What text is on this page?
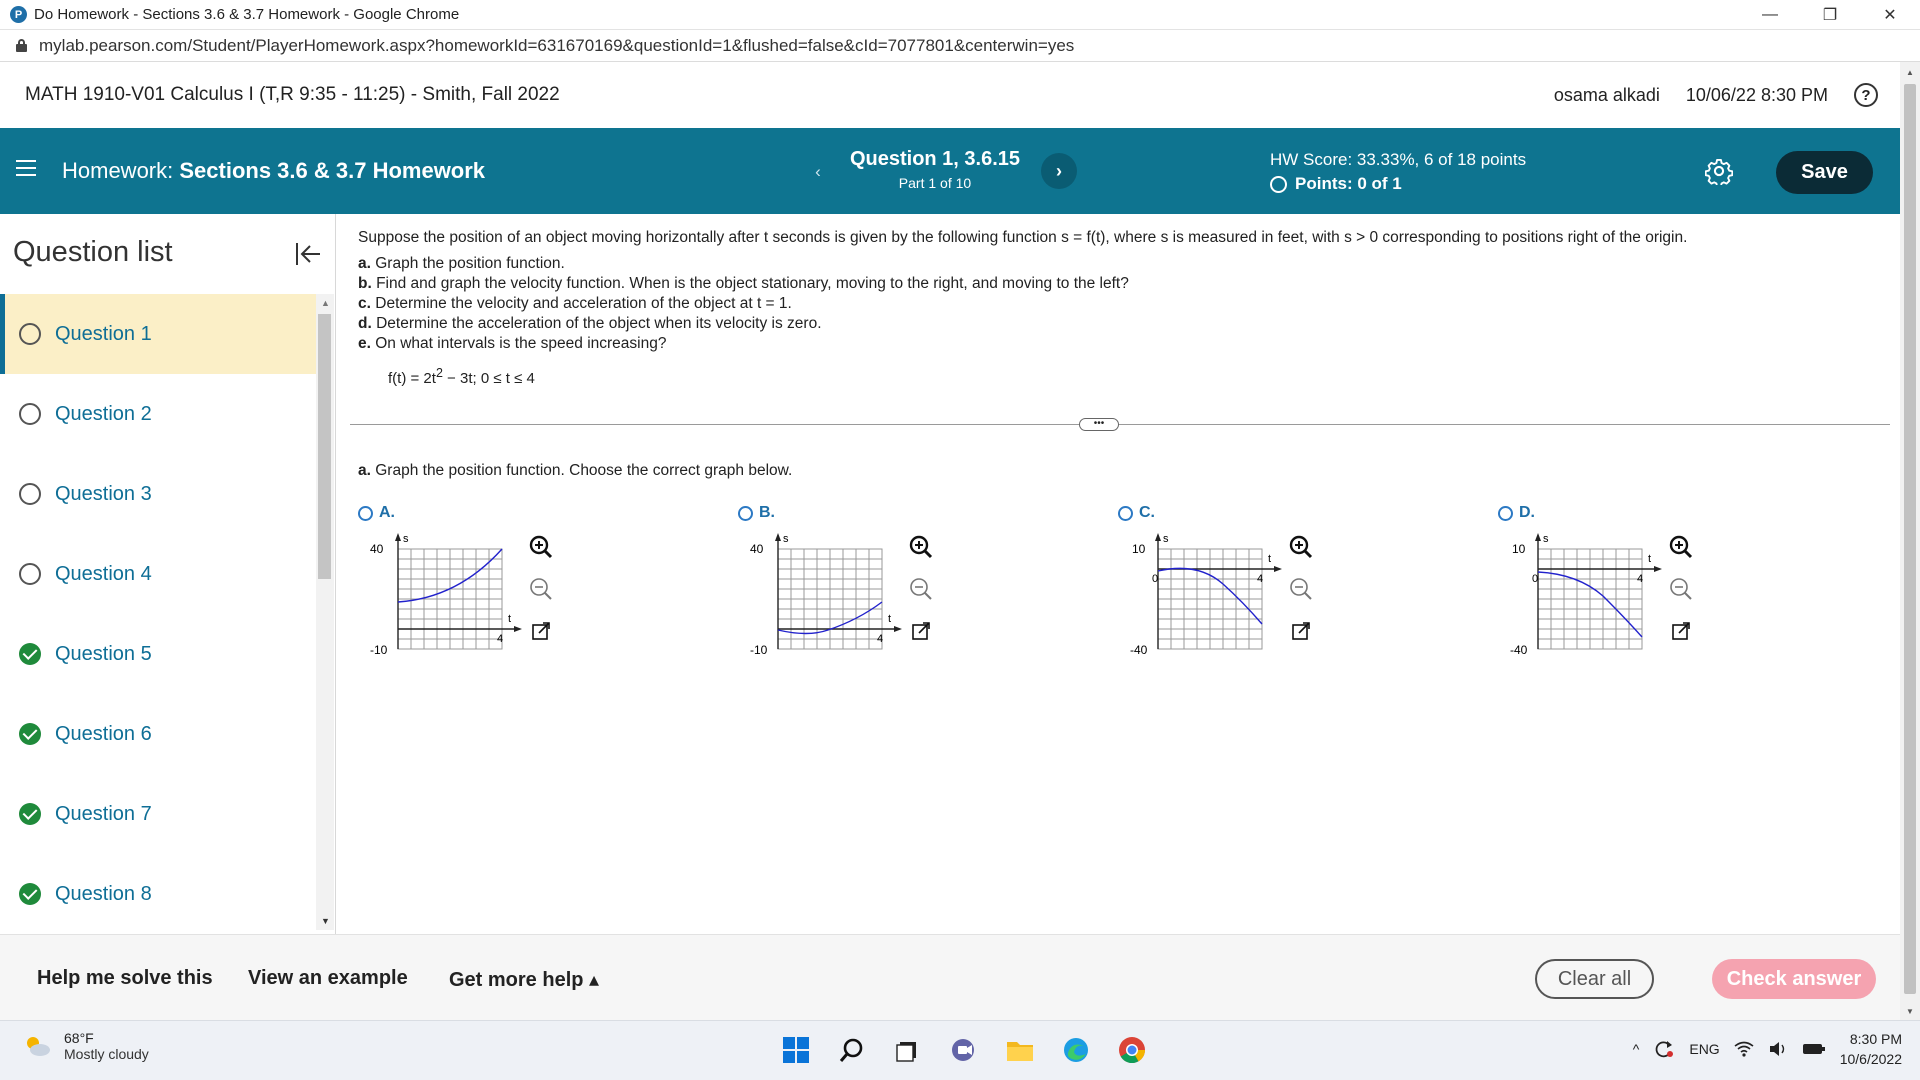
P Do Homework - Sections 3.6 & 3.7 Homework - Google Chrome	—	❐	✕
mylab.pearson.com/Student/PlayerHomework.aspx?homeworkId=631670169&questionId=1&flushed=false&cId=7077801&centerwin=yes
MATH 1910-V01 Calculus I (T,R 9:35 - 11:25) - Smith, Fall 2022	osama alkadi 10/06/22 8:30 PM	?
Homework: Sections 3.6 & 3.7 Homework	‹
Question 1, 3.6.15
Part 1 of 10
›
HW Score: 33.33%, 6 of 18 points
Points: 0 of 1
Save
Question list
Question 1
Question 2
Question 3
Question 4
Question 5
Question 6
Question 7
Question 8
▲
▼
Suppose the position of an object moving horizontally after t seconds is given by the following function s = f(t), where s is measured in feet, with s > 0 corresponding to positions right of the origin.
a. Graph the position function.
b. Find and graph the velocity function. When is the object stationary, moving to the right, and moving to the left?
c. Determine the velocity and acceleration of the object at t = 1.
d. Determine the acceleration of the object when its velocity is zero.
e. On what intervals is the speed increasing?
$f(t) = 2t^2 - 3t$; 0 ≤ t ≤ 4
•••
a. Graph the position function. Choose the correct graph below.
A.
s
40
-10
4
t
B.
s
40
-10
4
t
C.
s
10
-40
0	4
t
D.
s
10
-40
0	4
t
Help me solve this View an example Get more help ▴	Clear all	Check answer
▲
▼
68°F
Mostly cloudy	^	ENG
8:30 PM
10/6/2022
